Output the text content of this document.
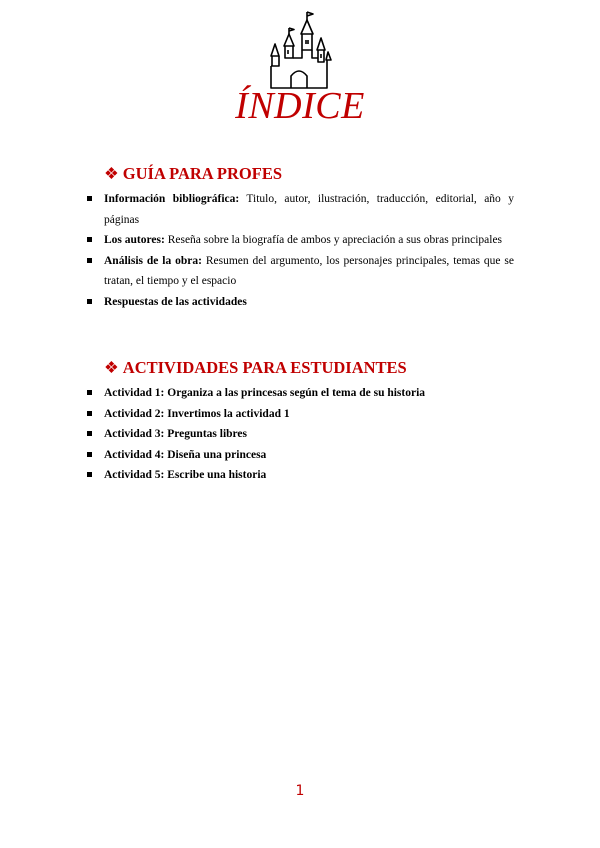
ÍNDICE
❖ GUÍA PARA PROFES
Información bibliográfica: Titulo, autor, ilustración, traducción, editorial, año y páginas
Los autores: Reseña sobre la biografía de ambos y apreciación a sus obras principales
Análisis de la obra: Resumen del argumento, los personajes principales, temas que se tratan, el tiempo y el espacio
Respuestas de las actividades
❖ ACTIVIDADES PARA ESTUDIANTES
Actividad 1: Organiza a las princesas según el tema de su historia
Actividad 2: Invertimos la actividad 1
Actividad 3: Preguntas libres
Actividad 4: Diseña una princesa
Actividad 5: Escribe una historia
1
